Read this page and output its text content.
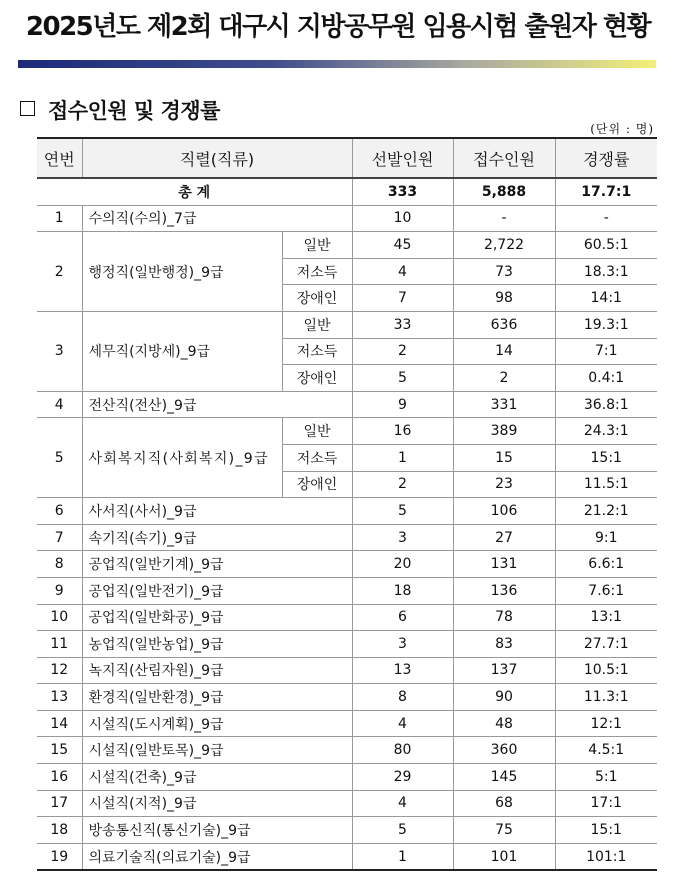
2025년도 제2회 대구시 지방공무원 임용시험 출원자 현황
접수인원 및 경쟁률
(단위 : 명)
연번	직렬(직류)		선발인원	접수인원	경쟁률
총 계			333	5,888	17.7:1
1	수의직(수의)_7급		10	-	-
2	행정직(일반행정)_9급	일반	45	2,722	60.5:1
		저소득	4	73	18.3:1
		장애인	7	98	14:1
3	세무직(지방세)_9급	일반	33	636	19.3:1
		저소득	2	14	7:1
		장애인	5	2	0.4:1
4	전산직(전산)_9급		9	331	36.8:1
5	사회복지직(사회복지)_9급	일반	16	389	24.3:1
		저소득	1	15	15:1
		장애인	2	23	11.5:1
6	사서직(사서)_9급		5	106	21.2:1
7	속기직(속기)_9급		3	27	9:1
8	공업직(일반기계)_9급		20	131	6.6:1
9	공업직(일반전기)_9급		18	136	7.6:1
10	공업직(일반화공)_9급		6	78	13:1
11	농업직(일반농업)_9급		3	83	27.7:1
12	녹지직(산림자원)_9급		13	137	10.5:1
13	환경직(일반환경)_9급		8	90	11.3:1
14	시설직(도시계획)_9급		4	48	12:1
15	시설직(일반토목)_9급		80	360	4.5:1
16	시설직(건축)_9급		29	145	5:1
17	시설직(지적)_9급		4	68	17:1
18	방송통신직(통신기술)_9급		5	75	15:1
19	의료기술직(의료기술)_9급		1	101	101:1
